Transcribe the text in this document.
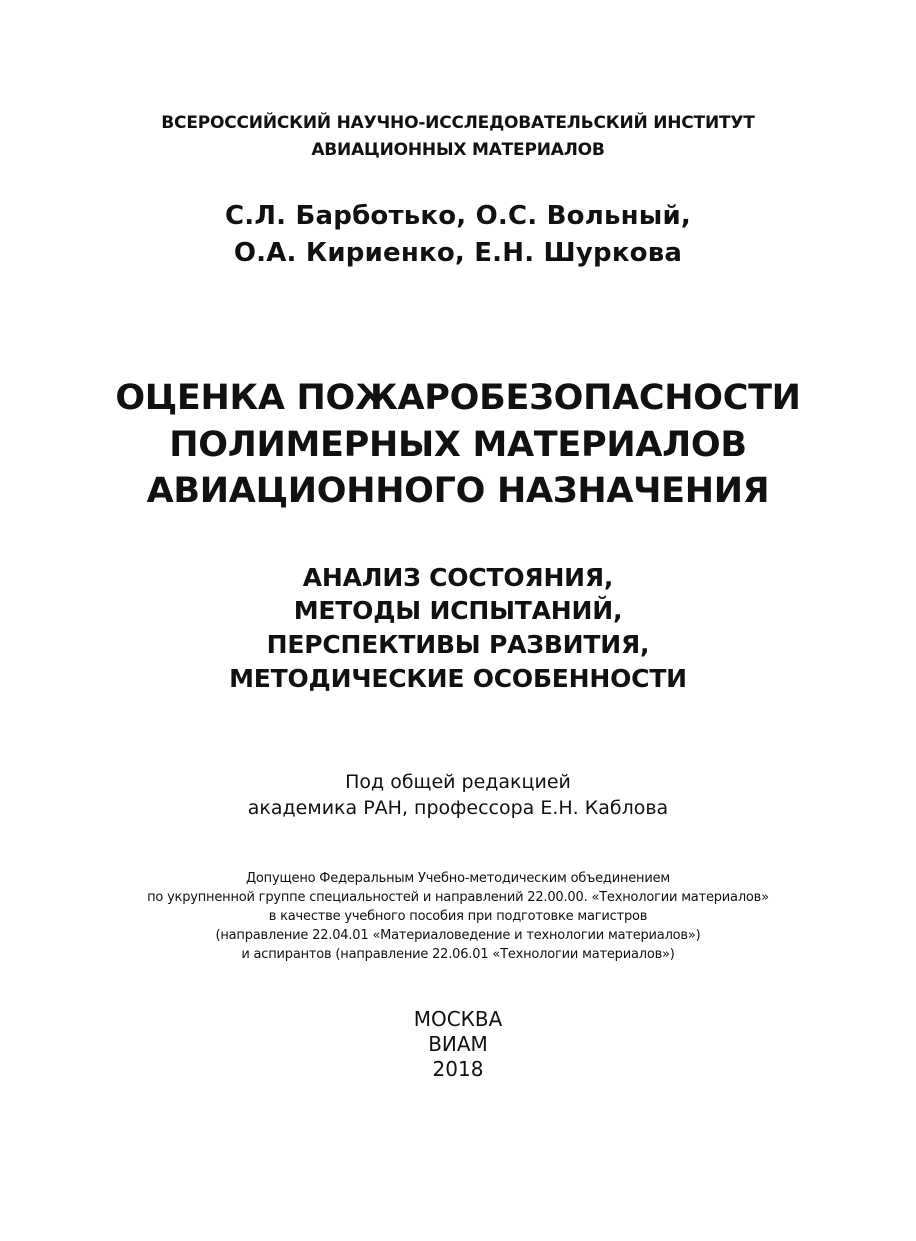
ВСЕРОССИЙСКИЙ НАУЧНО-ИССЛЕДОВАТЕЛЬСКИЙ ИНСТИТУТ
АВИАЦИОННЫХ МАТЕРИАЛОВ
С.Л. Барботько, О.С. Вольный,
О.А. Кириенко, Е.Н. Шуркова
ОЦЕНКА ПОЖАРОБЕЗОПАСНОСТИ
ПОЛИМЕРНЫХ МАТЕРИАЛОВ
АВИАЦИОННОГО НАЗНАЧЕНИЯ
АНАЛИЗ СОСТОЯНИЯ,
МЕТОДЫ ИСПЫТАНИЙ,
ПЕРСПЕКТИВЫ РАЗВИТИЯ,
МЕТОДИЧЕСКИЕ ОСОБЕННОСТИ
Под общей редакцией
академика РАН, профессора Е.Н. Каблова
Допущено Федеральным Учебно-методическим объединением
по укрупненной группе специальностей и направлений 22.00.00. «Технологии материалов»
в качестве учебного пособия при подготовке магистров
(направление 22.04.01 «Материаловедение и технологии материалов»)
и аспирантов (направление 22.06.01 «Технологии материалов»)
МОСКВА
ВИАМ
2018
